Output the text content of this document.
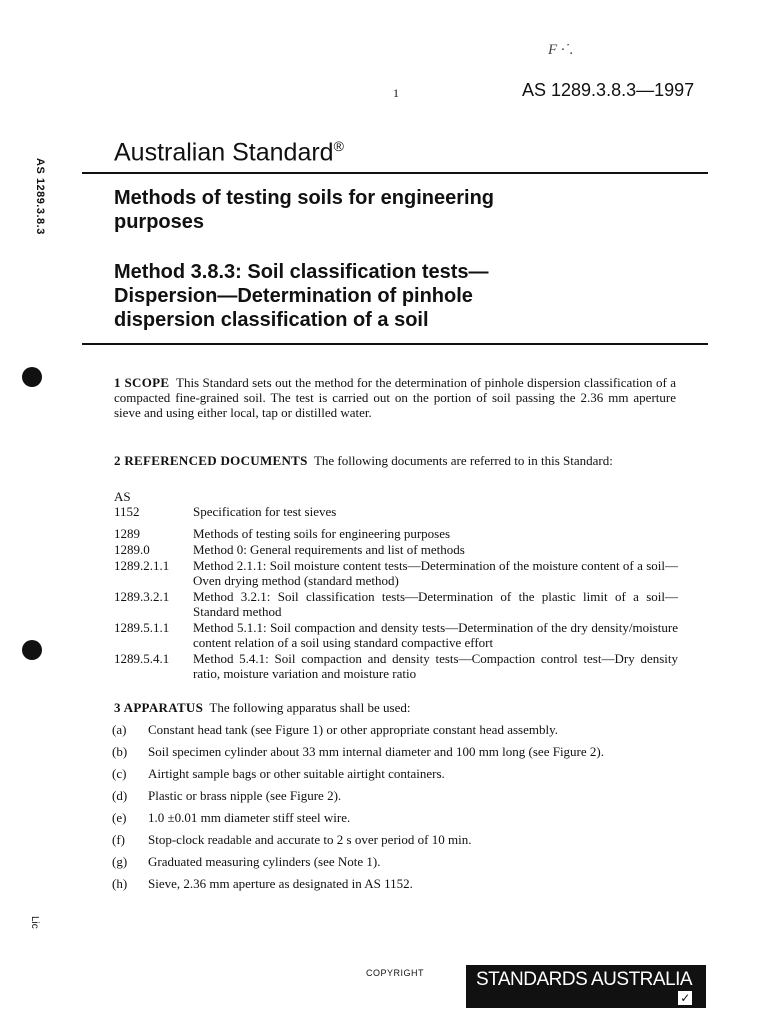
F ·˙.
1	AS 1289.3.8.3—1997
AS 1289.3.8.3
Lic
Australian Standard®
Methods of testing soils for engineering
purposes
Method 3.8.3: Soil classification tests—
Dispersion—Determination of pinhole
dispersion classification of a soil
1 SCOPE This Standard sets out the method for the determination of pinhole dispersion classification of a compacted fine-grained soil. The test is carried out on the portion of soil passing the 2.36 mm aperture sieve and using either local, tap or distilled water.
2 REFERENCED DOCUMENTS The following documents are referred to in this Standard:
AS
1152	Specification for test sieves
1289	Methods of testing soils for engineering purposes
1289.0	Method 0: General requirements and list of methods
1289.2.1.1	Method 2.1.1: Soil moisture content tests—Determination of the moisture content of a soil—Oven drying method (standard method)
1289.3.2.1	Method 3.2.1: Soil classification tests—Determination of the plastic limit of a soil—Standard method
1289.5.1.1	Method 5.1.1: Soil compaction and density tests—Determination of the dry density/moisture content relation of a soil using standard compactive effort
1289.5.4.1	Method 5.4.1: Soil compaction and density tests—Compaction control test—Dry density ratio, moisture variation and moisture ratio
3 APPARATUS The following apparatus shall be used:
(a)	Constant head tank (see Figure 1) or other appropriate constant head assembly.
(b)	Soil specimen cylinder about 33 mm internal diameter and 100 mm long (see Figure 2).
(c)	Airtight sample bags or other suitable airtight containers.
(d)	Plastic or brass nipple (see Figure 2).
(e)	1.0 ±0.01 mm diameter stiff steel wire.
(f)	Stop-clock readable and accurate to 2 s over period of 10 min.
(g)	Graduated measuring cylinders (see Note 1).
(h)	Sieve, 2.36 mm aperture as designated in AS 1152.
COPYRIGHT	STANDARDS AUSTRALIA
✓
